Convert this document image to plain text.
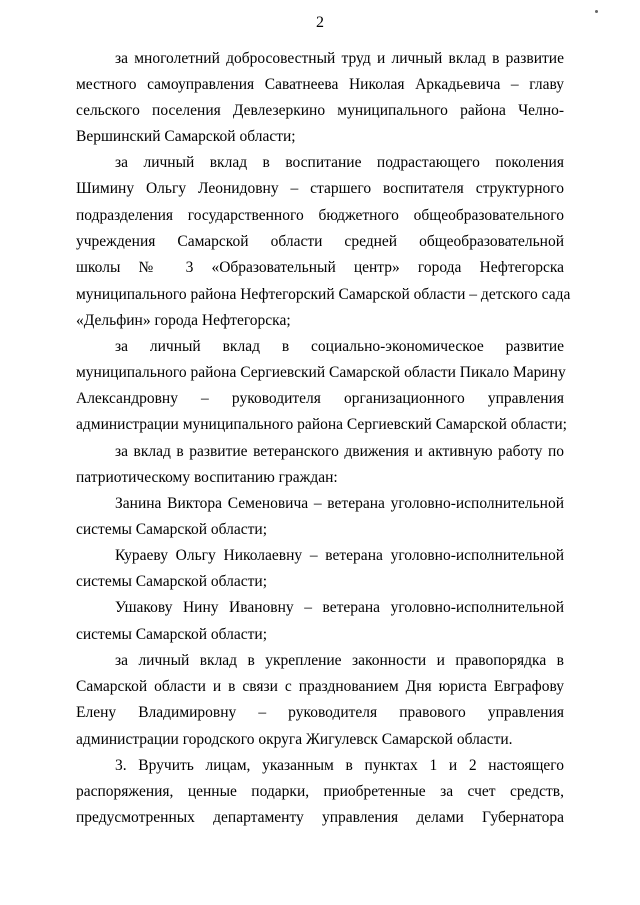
2
за многолетний добросовестный труд и личный вклад в развитие
местного самоуправления Саватнеева Николая Аркадьевича – главу
сельского поселения Девлезеркино муниципального района Челно-
Вершинский Самарской области;
за личный вклад в воспитание подрастающего поколения
Шимину Ольгу Леонидовну – старшего воспитателя структурного
подразделения государственного бюджетного общеобразовательного
учреждения Самарской области средней общеобразовательной
школы № 3 «Образовательный центр» города Нефтегорска
муниципального района Нефтегорский Самарской области – детского сада
«Дельфин» города Нефтегорска;
за личный вклад в социально-экономическое развитие
муниципального района Сергиевский Самарской области Пикало Марину
Александровну – руководителя организационного управления
администрации муниципального района Сергиевский Самарской области;
за вклад в развитие ветеранского движения и активную работу по
патриотическому воспитанию граждан:
Занина Виктора Семеновича – ветерана уголовно-исполнительной
системы Самарской области;
Кураеву Ольгу Николаевну – ветерана уголовно-исполнительной
системы Самарской области;
Ушакову Нину Ивановну – ветерана уголовно-исполнительной
системы Самарской области;
за личный вклад в укрепление законности и правопорядка в
Самарской области и в связи с празднованием Дня юриста Евграфову
Елену Владимировну – руководителя правового управления
администрации городского округа Жигулевск Самарской области.
3. Вручить лицам, указанным в пунктах 1 и 2 настоящего
распоряжения, ценные подарки, приобретенные за счет средств,
предусмотренных департаменту управления делами Губернатора
